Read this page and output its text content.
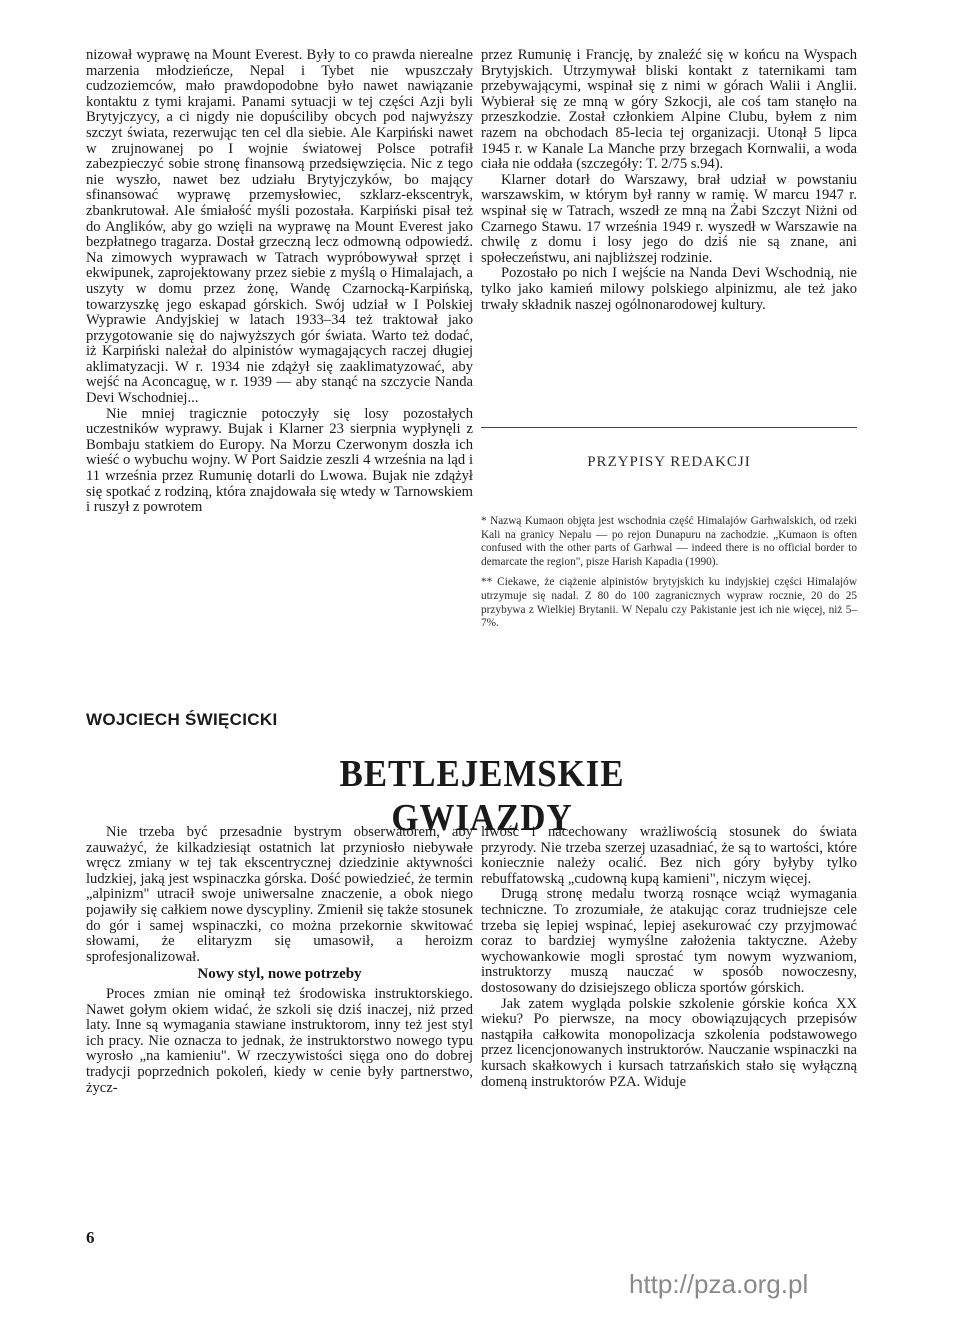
nizował wyprawę na Mount Everest. Były to co prawda nierealne marzenia młodzieńcze, Nepal i Tybet nie wpuszczały cudzoziemców, mało prawdopodobne było nawet nawiązanie kontaktu z tymi krajami. Panami sytuacji w tej części Azji byli Brytyjczycy, a ci nigdy nie dopuściliby obcych pod najwyższy szczyt świata, rezerwując ten cel dla siebie. Ale Karpiński nawet w zrujnowanej po I wojnie światowej Polsce potrafił zabezpieczyć sobie stronę finansową przedsięwzięcia. Nic z tego nie wyszło, nawet bez udziału Brytyjczyków, bo mający sfinansować wyprawę przemysłowiec, szklarz-ekscentryk, zbankrutował. Ale śmiałość myśli pozostała. Karpiński pisał też do Anglików, aby go wzięli na wyprawę na Mount Everest jako bezpłatnego tragarza. Dostał grzeczną lecz odmowną odpowiedź. Na zimowych wyprawach w Tatrach wypróbowywał sprzęt i ekwipunek, zaprojektowany przez siebie z myślą o Himalajach, a uszyty w domu przez żonę, Wandę Czarnocką-Karpińską, towarzyszkę jego eskapad górskich. Swój udział w I Polskiej Wyprawie Andyjskiej w latach 1933–34 też traktował jako przygotowanie się do najwyższych gór świata. Warto też dodać, iż Karpiński należał do alpinistów wymagających raczej długiej aklimatyzacji. W r. 1934 nie zdążył się zaaklimatyzować, aby wejść na Aconcaguę, w r. 1939 — aby stanąć na szczycie Nanda Devi Wschodniej...

Nie mniej tragicznie potoczyły się losy pozostałych uczestników wyprawy. Bujak i Klarner 23 sierpnia wypłynęli z Bombaju statkiem do Europy. Na Morzu Czerwonym doszła ich wieść o wybuchu wojny. W Port Saidzie zeszli 4 września na ląd i 11 września przez Rumunię dotarli do Lwowa. Bujak nie zdążył się spotkać z rodziną, która znajdowała się wtedy w Tarnowskiem i ruszył z powrotem

przez Rumunię i Francję, by znaleźć się w końcu na Wyspach Brytyjskich. Utrzymywał bliski kontakt z taternikami tam przebywającymi, wspinał się z nimi w górach Walii i Anglii. Wybierał się ze mną w góry Szkocji, ale coś tam stanęło na przeszkodzie. Został członkiem Alpine Clubu, byłem z nim razem na obchodach 85-lecia tej organizacji. Utonął 5 lipca 1945 r. w Kanale La Manche przy brzegach Kornwalii, a woda ciała nie oddała (szczegóły: T. 2/75 s.94).

Klarner dotarł do Warszawy, brał udział w powstaniu warszawskim, w którym był ranny w ramię. W marcu 1947 r. wspinał się w Tatrach, wszedł ze mną na Żabi Szczyt Niżni od Czarnego Stawu. 17 września 1949 r. wyszedł w Warszawie na chwilę z domu i losy jego do dziś nie są znane, ani społeczeństwu, ani najbliższej rodzinie.

Pozostało po nich I wejście na Nanda Devi Wschodnią, nie tylko jako kamień milowy polskiego alpinizmu, ale też jako trwały składnik naszej ogólnonarodowej kultury.

PRZYPISY REDAKCJI

* Nazwą Kumaon objęta jest wschodnia część Himalajów Garhwalskich, od rzeki Kali na granicy Nepalu — po rejon Dunapuru na zachodzie. „Kumaon is often confused with the other parts of Garhwal — indeed there is no official border to demarcate the region", pisze Harish Kapadia (1990).

** Ciekawe, że ciążenie alpinistów brytyjskich ku indyjskiej części Himalajów utrzymuje się nadal. Z 80 do 100 zagranicznych wypraw rocznie, 20 do 25 przybywa z Wielkiej Brytanii. W Nepalu czy Pakistanie jest ich nie więcej, niż 5–7%.

WOJCIECH ŚWIĘCICKI
BETLEJEMSKIE GWIAZDY

Nie trzeba być przesadnie bystrym obserwatorem, aby zauważyć, że kilkadziesiąt ostatnich lat przyniosło niebywałe wręcz zmiany w tej tak ekscentrycznej dziedzinie aktywności ludzkiej, jaką jest wspinaczka górska. Dość powiedzieć, że termin „alpinizm" utracił swoje uniwersalne znaczenie, a obok niego pojawiły się całkiem nowe dyscypliny. Zmienił się także stosunek do gór i samej wspinaczki, co można przekornie skwitować słowami, że elitaryzm się umasowił, a heroizm sprofesjonalizował.

Nowy styl, nowe potrzeby

Proces zmian nie ominął też środowiska instruktorskiego. Nawet gołym okiem widać, że szkoli się dziś inaczej, niż przed laty. Inne są wymagania stawiane instruktorom, inny też jest styl ich pracy. Nie oznacza to jednak, że instruktorstwo nowego typu wyrosło „na kamieniu". W rzeczywistości sięga ono do dobrej tradycji poprzednich pokoleń, kiedy w cenie były partnerstwo, życz-

liwość i nacechowany wrażliwością stosunek do świata przyrody. Nie trzeba szerzej uzasadniać, że są to wartości, które koniecznie należy ocalić. Bez nich góry byłyby tylko rebuffatowską „cudowną kupą kamieni", niczym więcej.

Drugą stronę medalu tworzą rosnące wciąż wymagania techniczne. To zrozumiałe, że atakując coraz trudniejsze cele trzeba się lepiej wspinać, lepiej asekurować czy przyjmować coraz to bardziej wymyślne założenia taktyczne. Ażeby wychowankowie mogli sprostać tym nowym wyzwaniom, instruktorzy muszą nauczać w sposób nowoczesny, dostosowany do dzisiejszego oblicza sportów górskich.

Jak zatem wygląda polskie szkolenie górskie końca XX wieku? Po pierwsze, na mocy obowiązujących przepisów nastąpiła całkowita monopolizacja szkolenia podstawowego przez licencjonowanych instruktorów. Nauczanie wspinaczki na kursach skałkowych i kursach tatrzańskich stało się wyłączną domeną instruktorów PZA. Widuje

6
http://pza.org.pl
